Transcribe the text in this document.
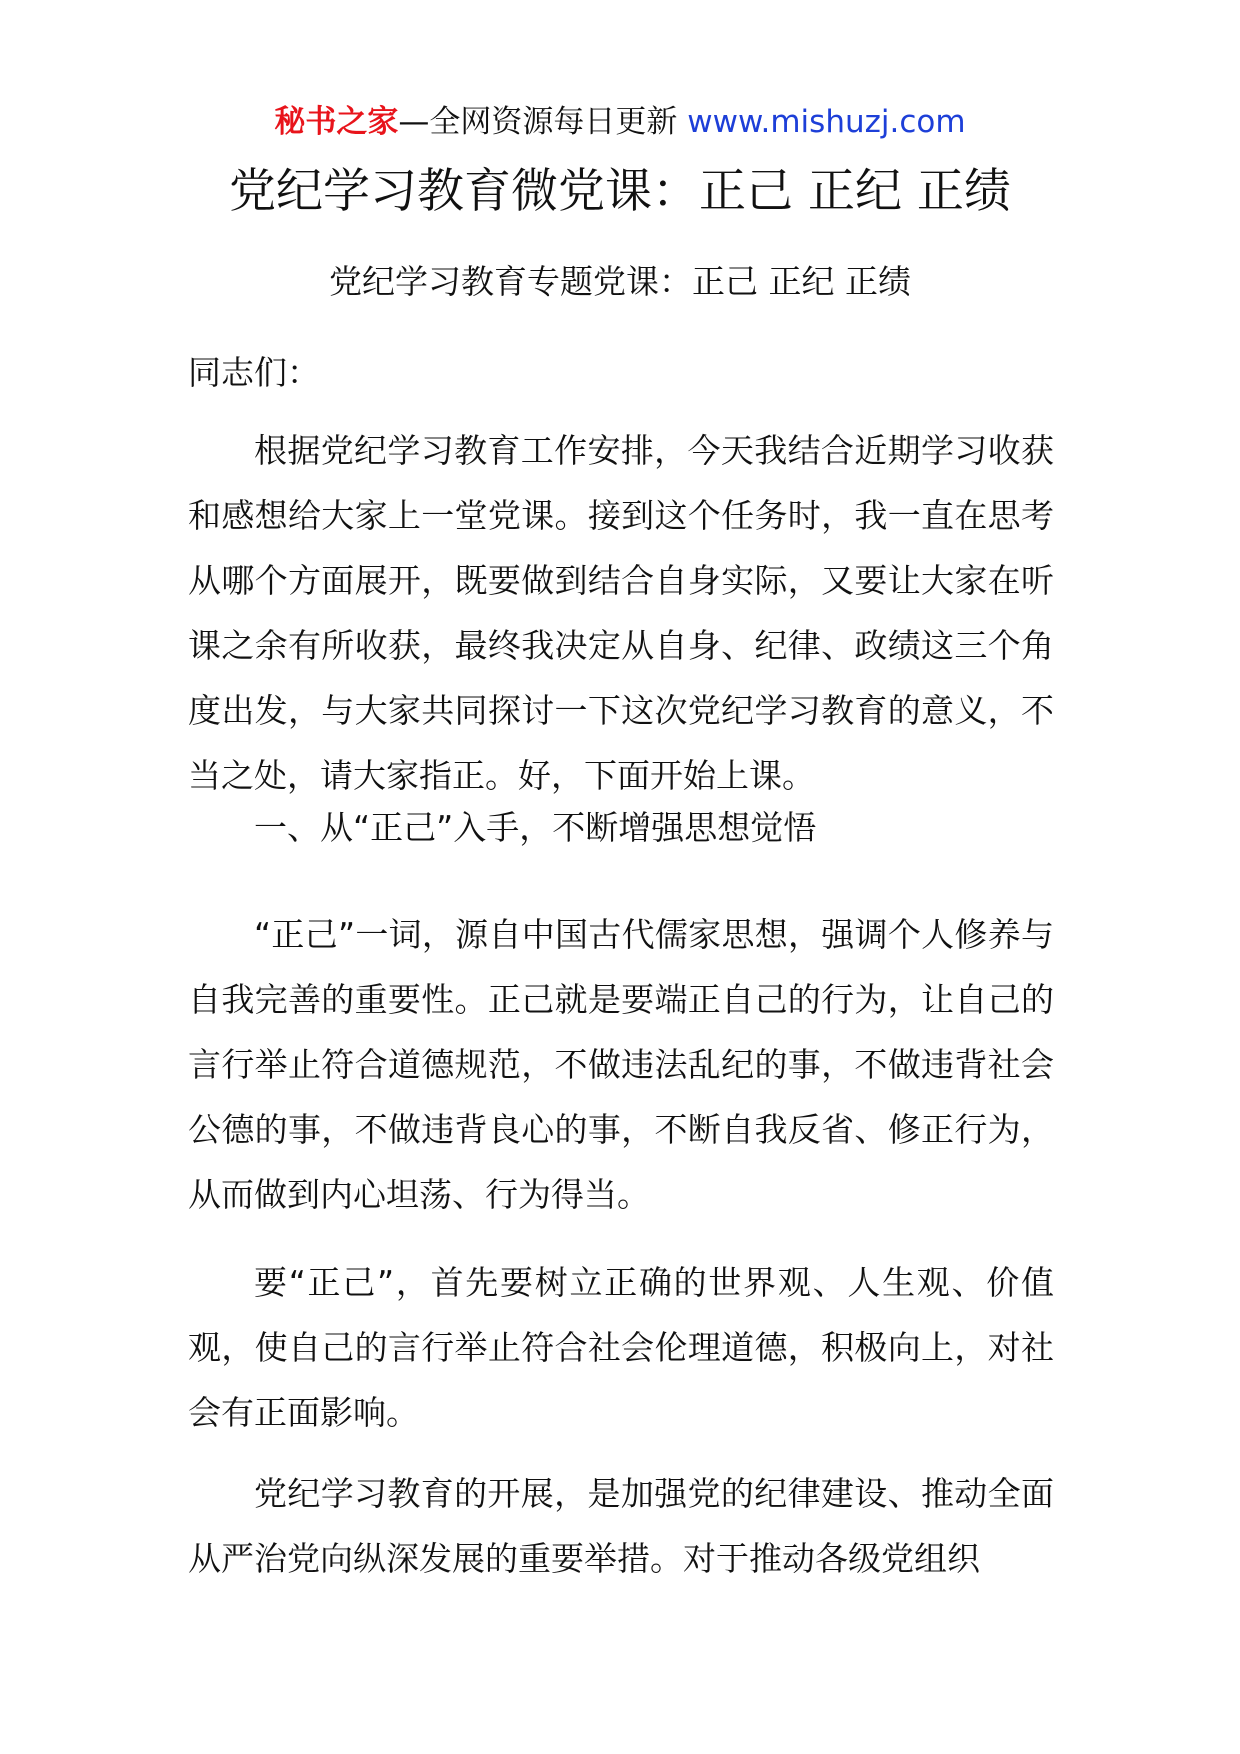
秘书之家—全网资源每日更新 www.mishuzj.com
党纪学习教育微党课：正己 正纪 正绩
党纪学习教育专题党课：正己 正纪 正绩

同志们：

根据党纪学习教育工作安排，今天我结合近期学习收获和感想给大家上一堂党课。接到这个任务时，我一直在思考从哪个方面展开，既要做到结合自身实际，又要让大家在听课之余有所收获，最终我决定从自身、纪律、政绩这三个角度出发，与大家共同探讨一下这次党纪学习教育的意义，不当之处，请大家指正。好，下面开始上课。

一、从“正己”入手，不断增强思想觉悟

“正己”一词，源自中国古代儒家思想，强调个人修养与自我完善的重要性。正己就是要端正自己的行为，让自己的言行举止符合道德规范，不做违法乱纪的事，不做违背社会公德的事，不做违背良心的事，不断自我反省、修正行为，从而做到内心坦荡、行为得当。

要“正己”，首先要树立正确的世界观、人生观、价值观，使自己的言行举止符合社会伦理道德，积极向上，对社会有正面影响。

党纪学习教育的开展，是加强党的纪律建设、推动全面从严治党向纵深发展的重要举措。对于推动各级党组织
